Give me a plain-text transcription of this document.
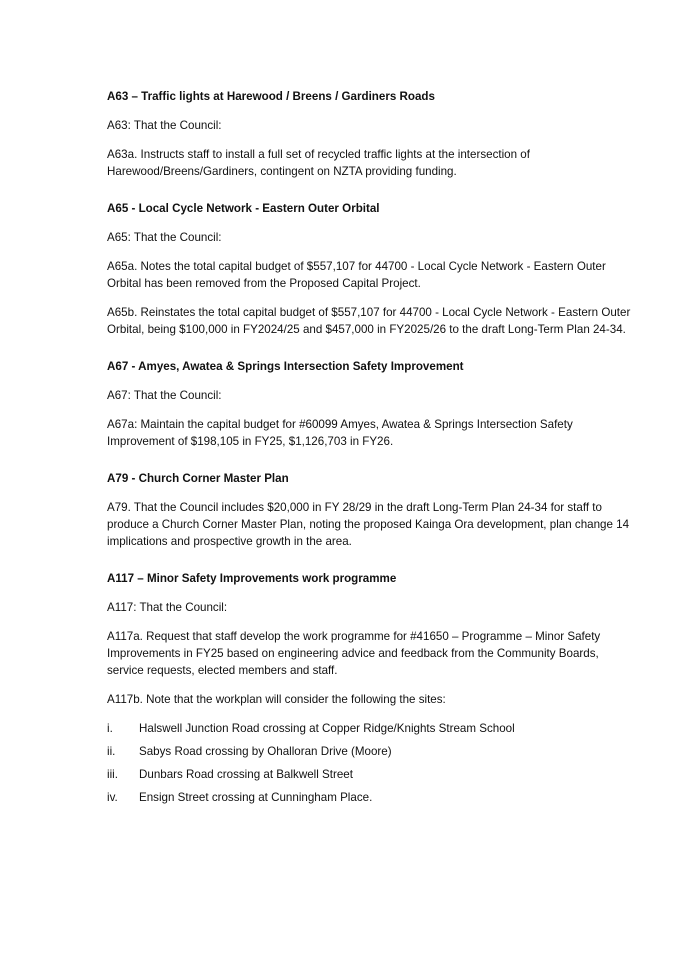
A63 – Traffic lights at Harewood / Breens / Gardiners Roads

A63: That the Council:

A63a. Instructs staff to install a full set of recycled traffic lights at the intersection of Harewood/Breens/Gardiners, contingent on NZTA providing funding.

A65 - Local Cycle Network - Eastern Outer Orbital

A65: That the Council:

A65a. Notes the total capital budget of $557,107 for 44700 - Local Cycle Network - Eastern Outer Orbital has been removed from the Proposed Capital Project.

A65b. Reinstates the total capital budget of $557,107 for 44700 - Local Cycle Network - Eastern Outer Orbital, being $100,000 in FY2024/25 and $457,000 in FY2025/26 to the draft Long-Term Plan 24-34.

A67 - Amyes, Awatea & Springs Intersection Safety Improvement

A67: That the Council:

A67a: Maintain the capital budget for #60099 Amyes, Awatea & Springs Intersection Safety Improvement of $198,105 in FY25, $1,126,703 in FY26.

A79 - Church Corner Master Plan

A79. That the Council includes $20,000 in FY 28/29 in the draft Long-Term Plan 24-34 for staff to produce a Church Corner Master Plan, noting the proposed Kainga Ora development, plan change 14 implications and prospective growth in the area.

A117 – Minor Safety Improvements work programme

A117: That the Council:

A117a. Request that staff develop the work programme for #41650 – Programme – Minor Safety Improvements in FY25 based on engineering advice and feedback from the Community Boards, service requests, elected members and staff.

A117b. Note that the workplan will consider the following the sites:

i.	Halswell Junction Road crossing at Copper Ridge/Knights Stream School
ii.	Sabys Road crossing by Ohalloran Drive (Moore)
iii.	Dunbars Road crossing at Balkwell Street
iv.	Ensign Street crossing at Cunningham Place.
